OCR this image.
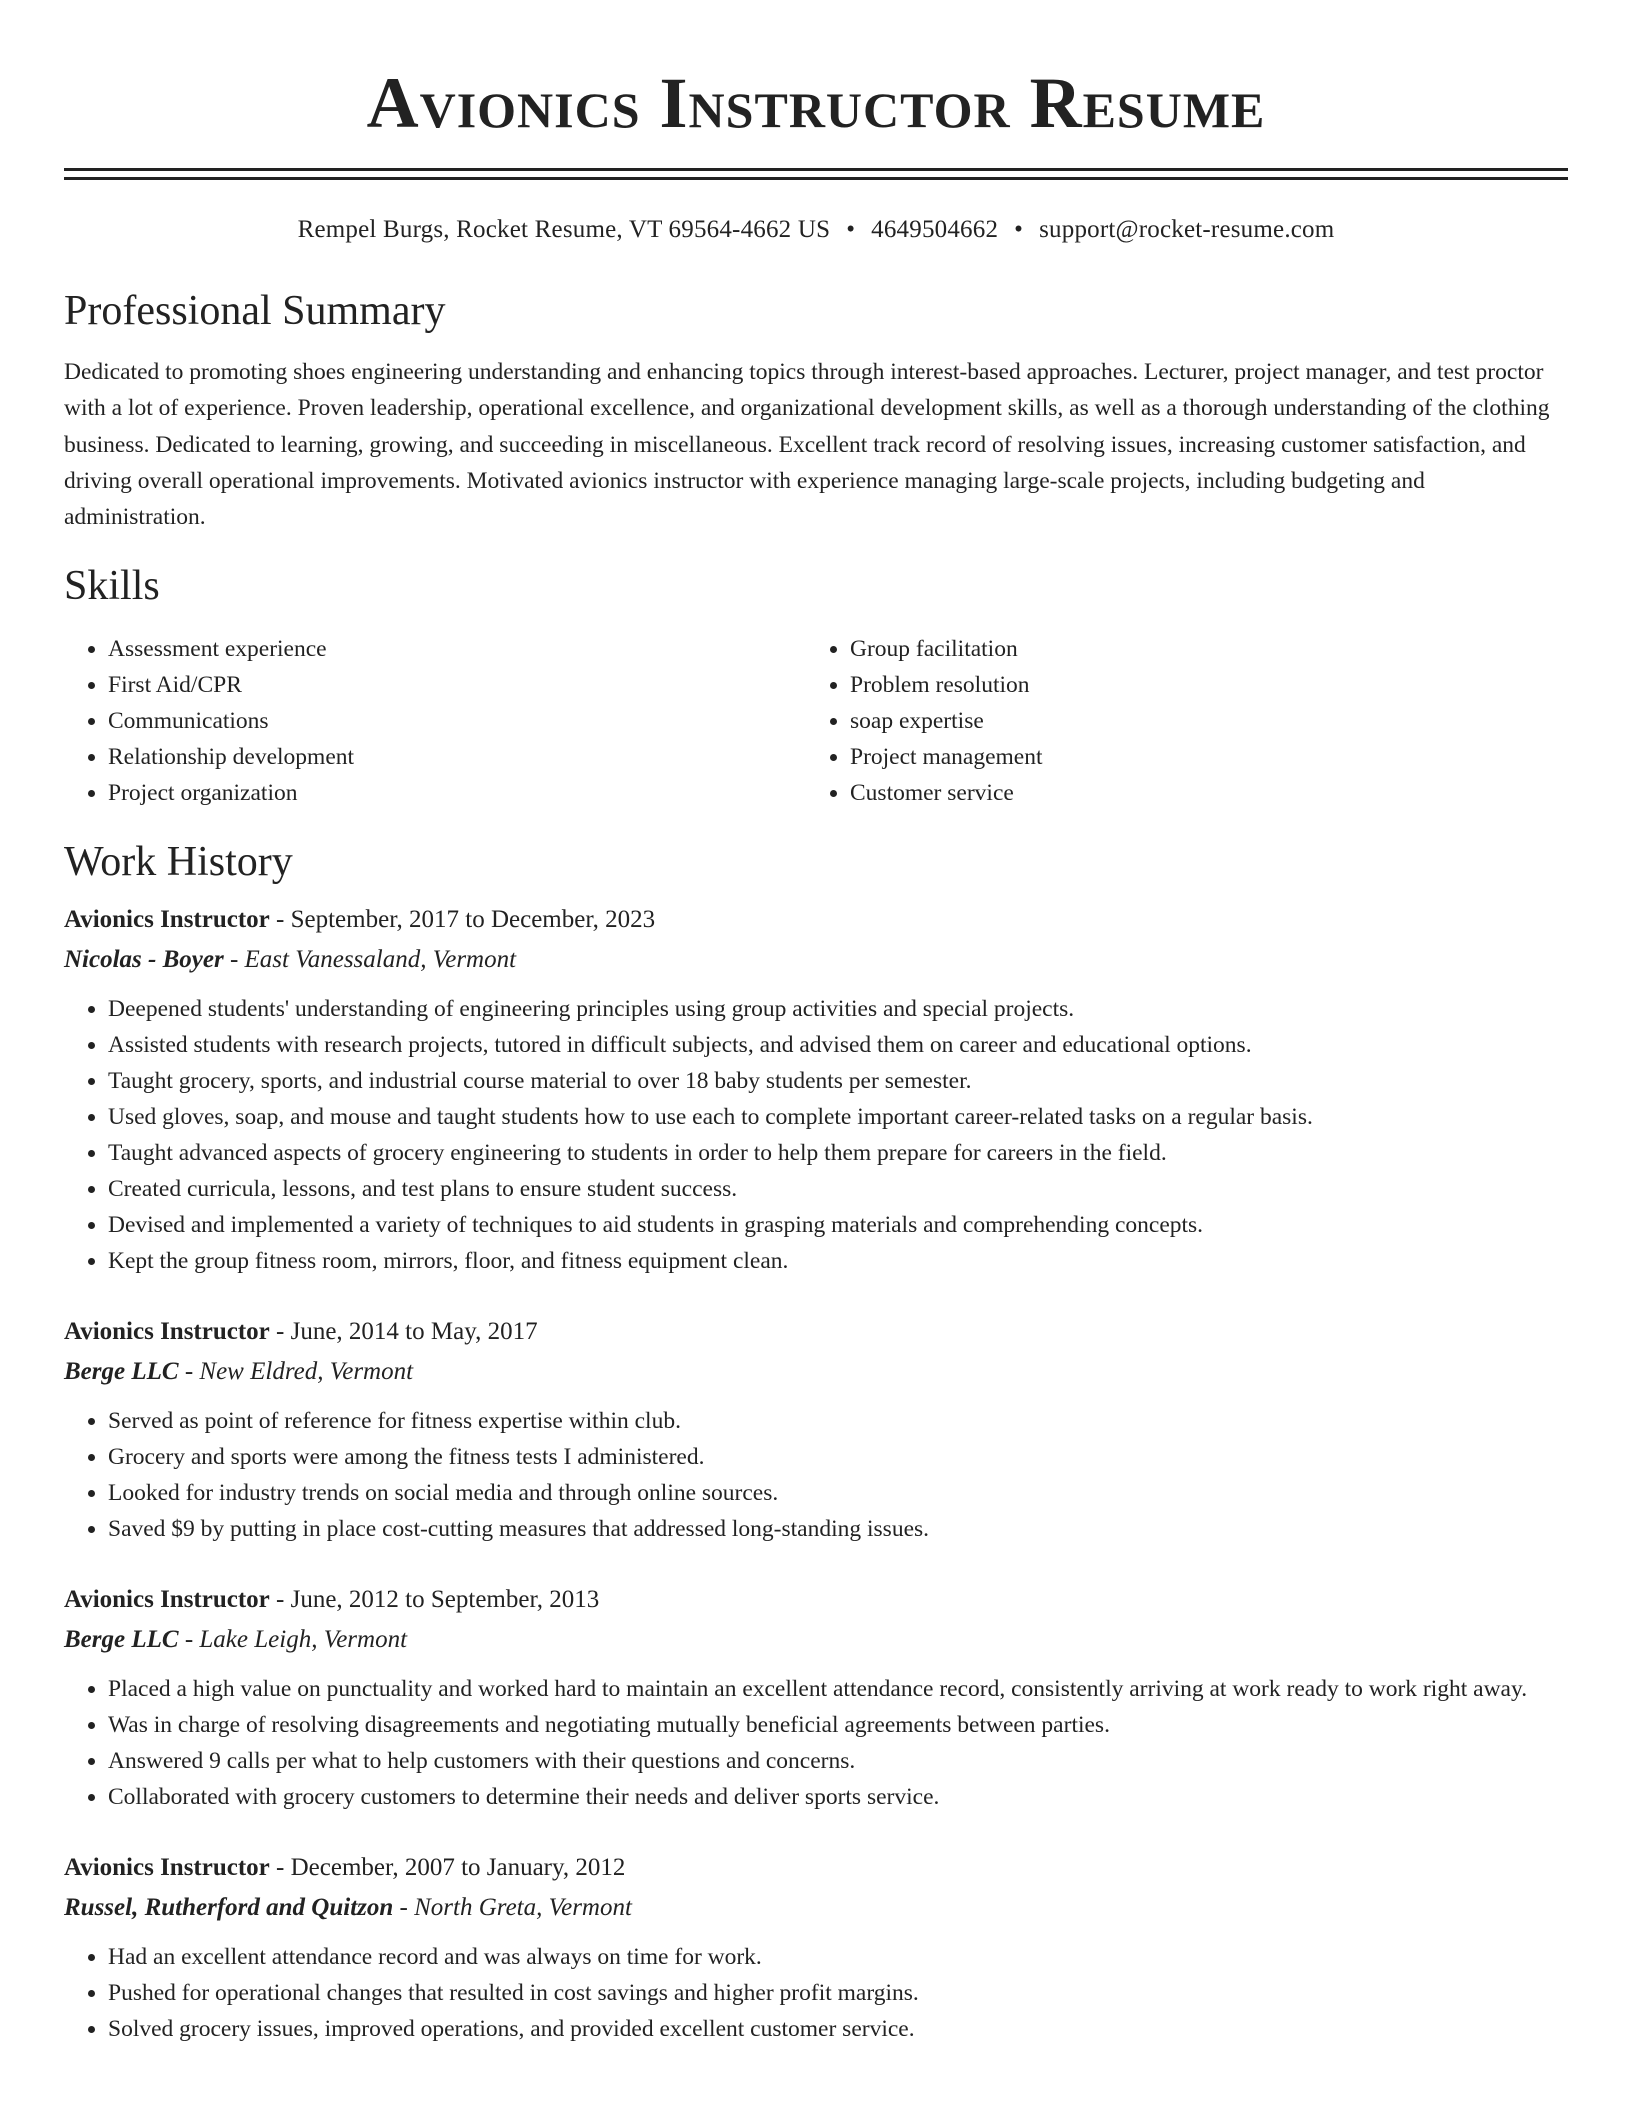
Avionics Instructor Resume
Rempel Burgs, Rocket Resume, VT 69564-4662 US • 4649504662 • support@rocket-resume.com
Professional Summary

Dedicated to promoting shoes engineering understanding and enhancing topics through interest-based approaches. Lecturer, project manager, and test proctor with a lot of experience. Proven leadership, operational excellence, and organizational development skills, as well as a thorough understanding of the clothing business. Dedicated to learning, growing, and succeeding in miscellaneous. Excellent track record of resolving issues, increasing customer satisfaction, and driving overall operational improvements. Motivated avionics instructor with experience managing large-scale projects, including budgeting and administration.

Skills
• Assessment experience
• First Aid/CPR
• Communications
• Relationship development
• Project organization
• Group facilitation
• Problem resolution
• soap expertise
• Project management
• Customer service
Work History
Avionics Instructor - September, 2017 to December, 2023
Nicolas - Boyer - East Vanessaland, Vermont
• Deepened students' understanding of engineering principles using group activities and special projects.
• Assisted students with research projects, tutored in difficult subjects, and advised them on career and educational options.
• Taught grocery, sports, and industrial course material to over 18 baby students per semester.
• Used gloves, soap, and mouse and taught students how to use each to complete important career-related tasks on a regular basis.
• Taught advanced aspects of grocery engineering to students in order to help them prepare for careers in the field.
• Created curricula, lessons, and test plans to ensure student success.
• Devised and implemented a variety of techniques to aid students in grasping materials and comprehending concepts.
• Kept the group fitness room, mirrors, floor, and fitness equipment clean.
Avionics Instructor - June, 2014 to May, 2017
Berge LLC - New Eldred, Vermont
• Served as point of reference for fitness expertise within club.
• Grocery and sports were among the fitness tests I administered.
• Looked for industry trends on social media and through online sources.
• Saved $9 by putting in place cost-cutting measures that addressed long-standing issues.
Avionics Instructor - June, 2012 to September, 2013
Berge LLC - Lake Leigh, Vermont
• Placed a high value on punctuality and worked hard to maintain an excellent attendance record, consistently arriving at work ready to work right away.
• Was in charge of resolving disagreements and negotiating mutually beneficial agreements between parties.
• Answered 9 calls per what to help customers with their questions and concerns.
• Collaborated with grocery customers to determine their needs and deliver sports service.
Avionics Instructor - December, 2007 to January, 2012
Russel, Rutherford and Quitzon - North Greta, Vermont
• Had an excellent attendance record and was always on time for work.
• Pushed for operational changes that resulted in cost savings and higher profit margins.
• Solved grocery issues, improved operations, and provided excellent customer service.
